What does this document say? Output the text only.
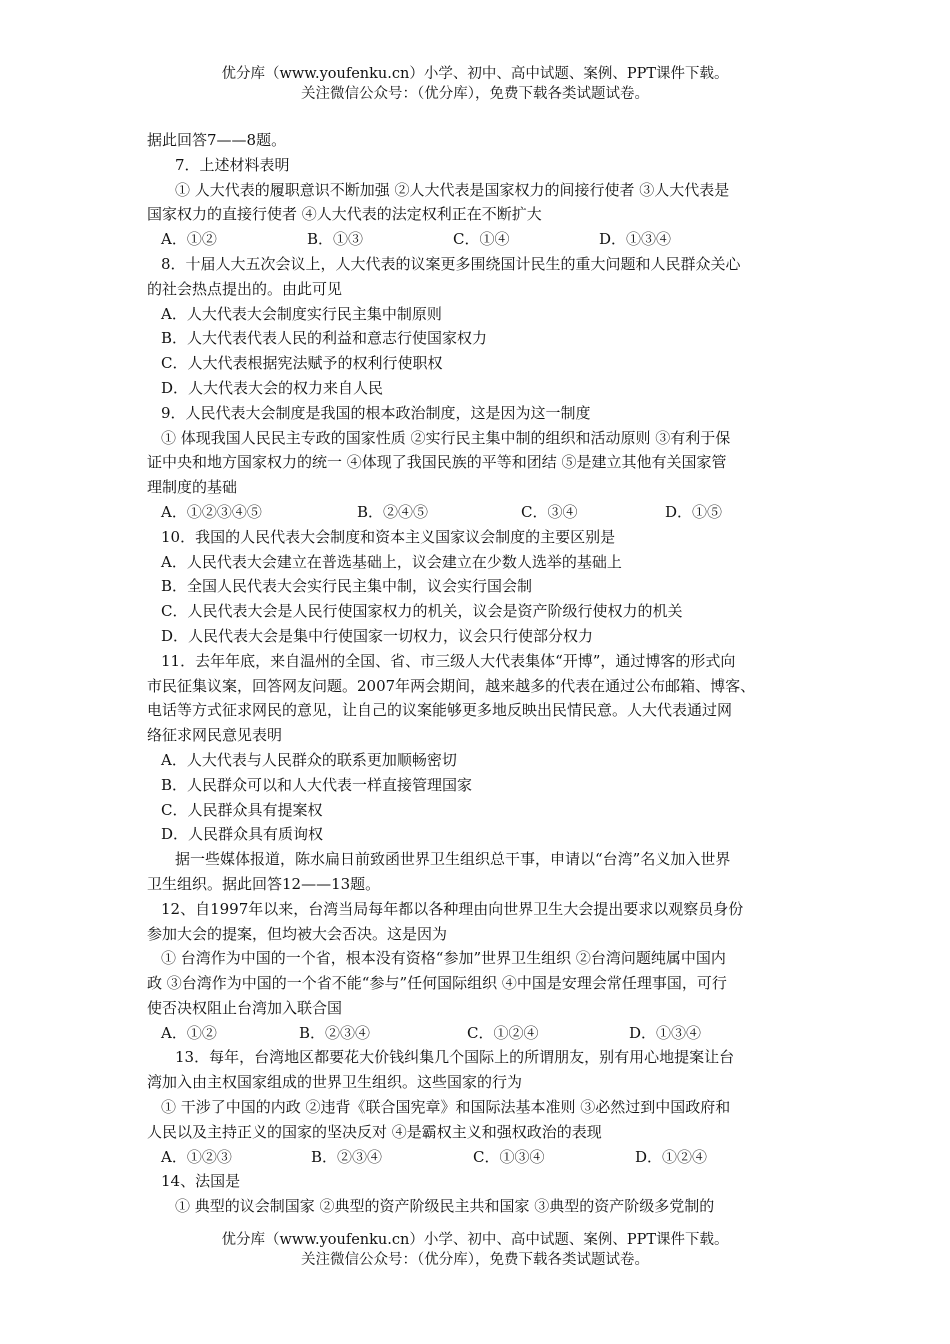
优分库（www.youfenku.cn）小学、初中、高中试题、案例、PPT课件下载。
关注微信公众号：（优分库），免费下载各类试题试卷。
据此回答7——8题。
7．上述材料表明
① 人大代表的履职意识不断加强 ②人大代表是国家权力的间接行使者 ③人大代表是
国家权力的直接行使者 ④人大代表的法定权利正在不断扩大
A．①②	B．①③	C．①④	D．①③④
8．十届人大五次会议上，人大代表的议案更多围绕国计民生的重大问题和人民群众关心
的社会热点提出的。由此可见
A．人大代表大会制度实行民主集中制原则
B．人大代表代表人民的利益和意志行使国家权力
C．人大代表根据宪法赋予的权利行使职权
D．人大代表大会的权力来自人民
9．人民代表大会制度是我国的根本政治制度，这是因为这一制度
① 体现我国人民民主专政的国家性质 ②实行民主集中制的组织和活动原则 ③有利于保
证中央和地方国家权力的统一 ④体现了我国民族的平等和团结 ⑤是建立其他有关国家管
理制度的基础
A．①②③④⑤	B．②④⑤	C．③④	D．①⑤
10．我国的人民代表大会制度和资本主义国家议会制度的主要区别是
A．人民代表大会建立在普选基础上，议会建立在少数人选举的基础上
B．全国人民代表大会实行民主集中制，议会实行国会制
C．人民代表大会是人民行使国家权力的机关，议会是资产阶级行使权力的机关
D．人民代表大会是集中行使国家一切权力，议会只行使部分权力
11．去年年底，来自温州的全国、省、市三级人大代表集体“开博”，通过博客的形式向
市民征集议案，回答网友问题。2007年两会期间，越来越多的代表在通过公布邮箱、博客、
电话等方式征求网民的意见，让自己的议案能够更多地反映出民情民意。人大代表通过网
络征求网民意见表明
A．人大代表与人民群众的联系更加顺畅密切
B．人民群众可以和人大代表一样直接管理国家
C．人民群众具有提案权
D．人民群众具有质询权
据一些媒体报道，陈水扁日前致函世界卫生组织总干事，申请以“台湾”名义加入世界
卫生组织。据此回答12——13题。
12、自1997年以来，台湾当局每年都以各种理由向世界卫生大会提出要求以观察员身份
参加大会的提案，但均被大会否决。这是因为
① 台湾作为中国的一个省，根本没有资格“参加”世界卫生组织 ②台湾问题纯属中国内
政 ③台湾作为中国的一个省不能“参与”任何国际组织 ④中国是安理会常任理事国，可行
使否决权阻止台湾加入联合国
A．①②	B．②③④	C．①②④	D．①③④
13．每年，台湾地区都要花大价钱纠集几个国际上的所谓朋友，别有用心地提案让台
湾加入由主权国家组成的世界卫生组织。这些国家的行为
① 干涉了中国的内政 ②违背《联合国宪章》和国际法基本准则 ③必然过到中国政府和
人民以及主持正义的国家的坚决反对 ④是霸权主义和强权政治的表现
A．①②③	B．②③④	C．①③④	D．①②④
14、法国是
① 典型的议会制国家 ②典型的资产阶级民主共和国家 ③典型的资产阶级多党制的
优分库（www.youfenku.cn）小学、初中、高中试题、案例、PPT课件下载。
关注微信公众号：（优分库），免费下载各类试题试卷。
